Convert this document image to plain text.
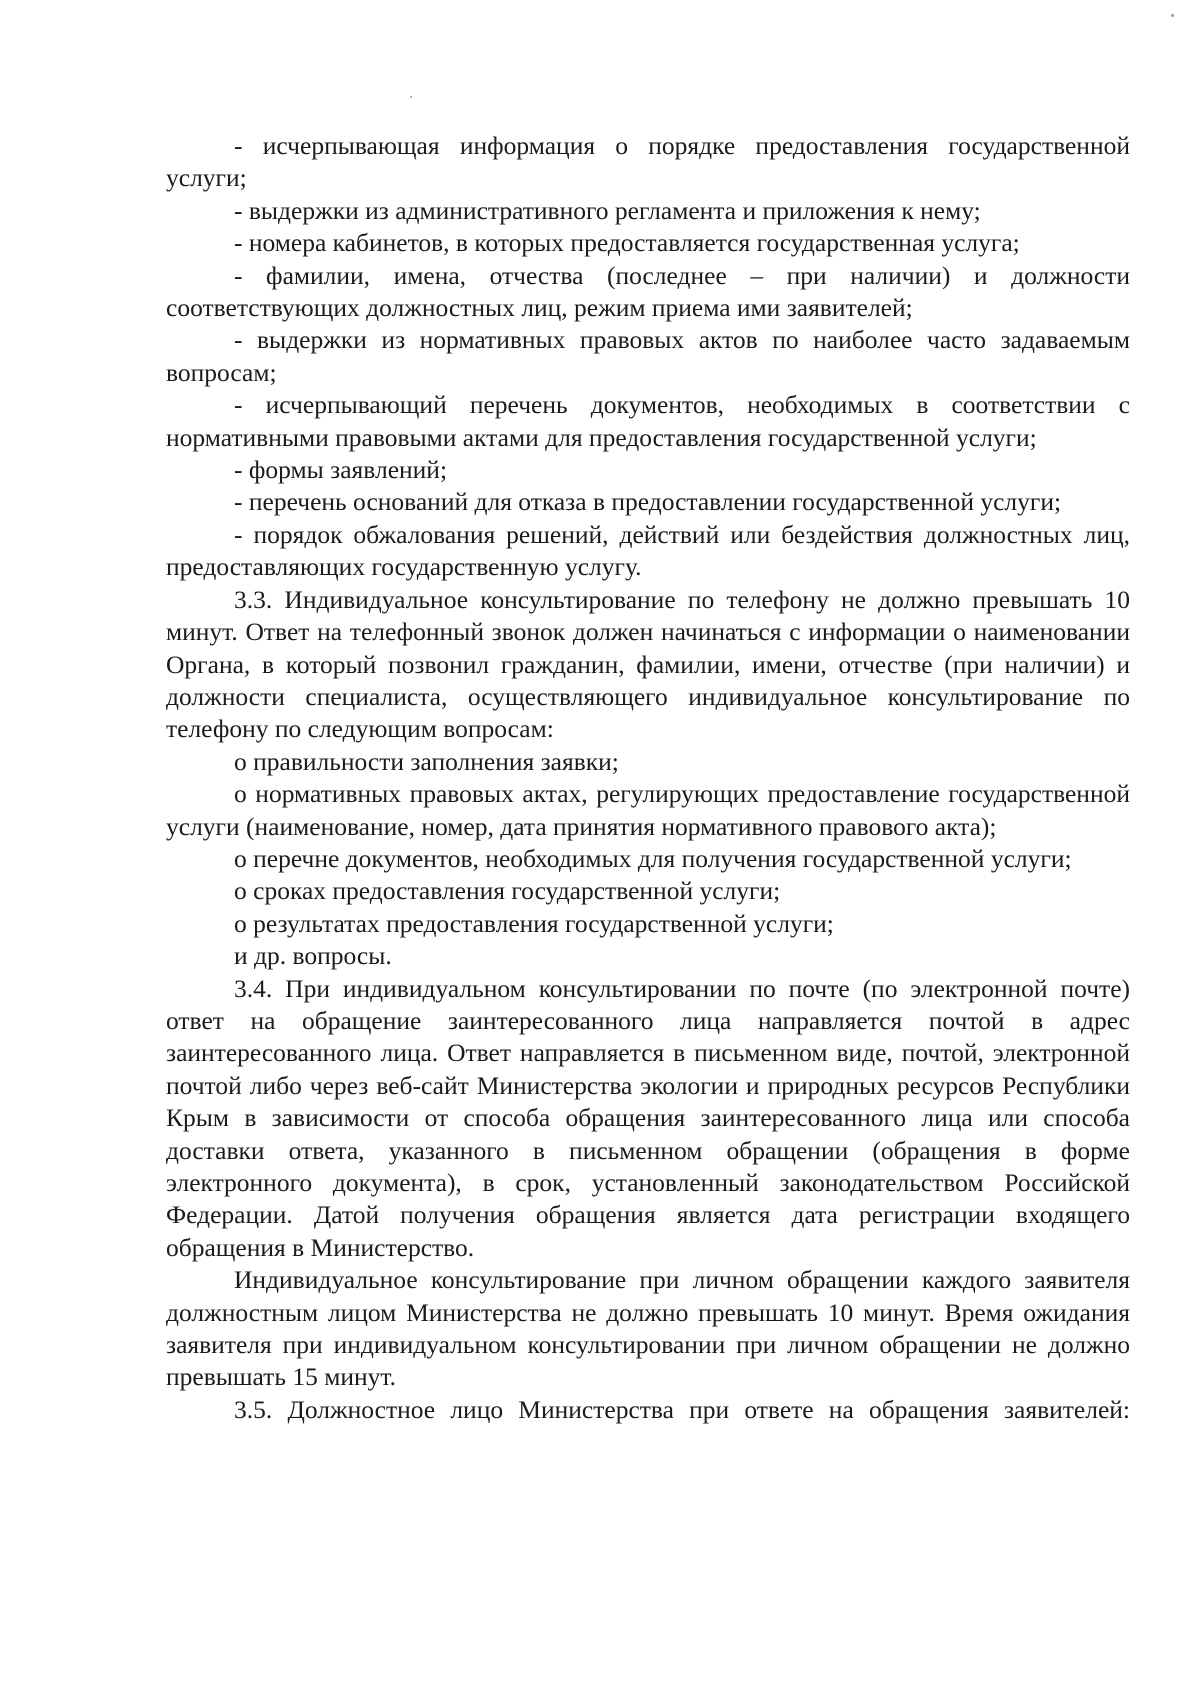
- исчерпывающая информация о порядке предоставления государственной услуги;

- выдержки из административного регламента и приложения к нему;

- номера кабинетов, в которых предоставляется государственная услуга;

- фамилии, имена, отчества (последнее – при наличии) и должности соответствующих должностных лиц, режим приема ими заявителей;

- выдержки из нормативных правовых актов по наиболее часто задаваемым вопросам;

- исчерпывающий перечень документов, необходимых в соответствии с нормативными правовыми актами для предоставления государственной услуги;

- формы заявлений;

- перечень оснований для отказа в предоставлении государственной услуги;

- порядок обжалования решений, действий или бездействия должностных лиц, предоставляющих государственную услугу.

3.3. Индивидуальное консультирование по телефону не должно превышать 10 минут. Ответ на телефонный звонок должен начинаться с информации о наименовании Органа, в который позвонил гражданин, фамилии, имени, отчестве (при наличии) и должности специалиста, осуществляющего индивидуальное консультирование по телефону по следующим вопросам:

о правильности заполнения заявки;

о нормативных правовых актах, регулирующих предоставление государственной услуги (наименование, номер, дата принятия нормативного правового акта);

о перечне документов, необходимых для получения государственной услуги;

о сроках предоставления государственной услуги;

о результатах предоставления государственной услуги;

и др. вопросы.

3.4. При индивидуальном консультировании по почте (по электронной почте) ответ на обращение заинтересованного лица направляется почтой в адрес заинтересованного лица. Ответ направляется в письменном виде, почтой, электронной почтой либо через веб-сайт Министерства экологии и природных ресурсов Республики Крым в зависимости от способа обращения заинтересованного лица или способа доставки ответа, указанного в письменном обращении (обращения в форме электронного документа), в срок, установленный законодательством Российской Федерации. Датой получения обращения является дата регистрации входящего обращения в Министерство.

Индивидуальное консультирование при личном обращении каждого заявителя должностным лицом Министерства не должно превышать 10 минут. Время ожидания заявителя при индивидуальном консультировании при личном обращении не должно превышать 15 минут.

3.5. Должностное лицо Министерства при ответе на обращения заявителей:
